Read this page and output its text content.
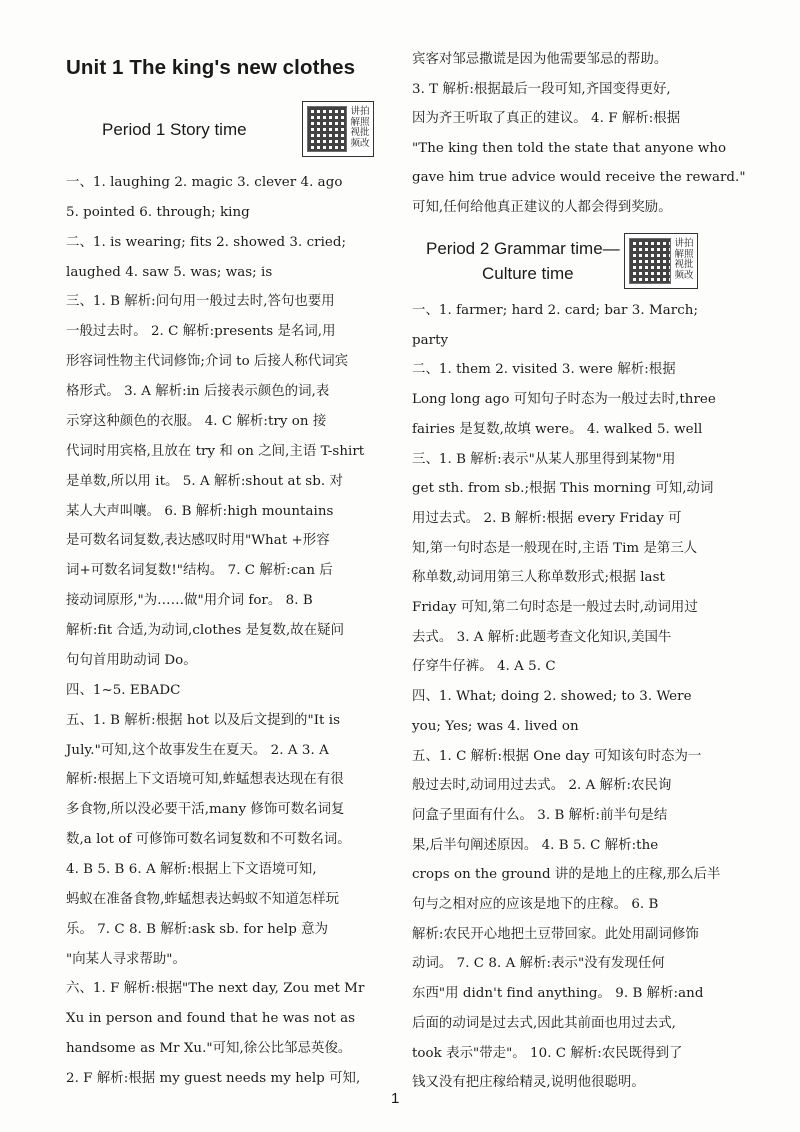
Unit 1 The king's new clothes
Period 1 Story time
讲拍
解照
视批
频改
一、1. laughing 2. magic 3. clever 4. ago
5. pointed 6. through; king
二、1. is wearing; fits 2. showed 3. cried;
laughed 4. saw 5. was; was; is
三、1. B 解析:问句用一般过去时,答句也要用
一般过去时。 2. C 解析:presents 是名词,用
形容词性物主代词修饰;介词 to 后接人称代词宾
格形式。 3. A 解析:in 后接表示颜色的词,表
示穿这种颜色的衣服。 4. C 解析:try on 接
代词时用宾格,且放在 try 和 on 之间,主语 T-shirt
是单数,所以用 it。 5. A 解析:shout at sb. 对
某人大声叫嚷。 6. B 解析:high mountains
是可数名词复数,表达感叹时用"What +形容
词+可数名词复数!"结构。 7. C 解析:can 后
接动词原形,"为……做"用介词 for。 8. B
解析:fit 合适,为动词,clothes 是复数,故在疑问
句句首用助动词 Do。
四、1~5. EBADC
五、1. B 解析:根据 hot 以及后文提到的"It is
July."可知,这个故事发生在夏天。 2. A 3. A
解析:根据上下文语境可知,蚱蜢想表达现在有很
多食物,所以没必要干活,many 修饰可数名词复
数,a lot of 可修饰可数名词复数和不可数名词。
4. B 5. B 6. A 解析:根据上下文语境可知,
蚂蚁在准备食物,蚱蜢想表达蚂蚁不知道怎样玩
乐。 7. C 8. B 解析:ask sb. for help 意为
"向某人寻求帮助"。
六、1. F 解析:根据"The next day, Zou met Mr
Xu in person and found that he was not as
handsome as Mr Xu."可知,徐公比邹忌英俊。
2. F 解析:根据 my guest needs my help 可知,
宾客对邹忌撒谎是因为他需要邹忌的帮助。
3. T 解析:根据最后一段可知,齐国变得更好,
因为齐王听取了真正的建议。 4. F 解析:根据
"The king then told the state that anyone who
gave him true advice would receive the reward."
可知,任何给他真正建议的人都会得到奖励。
一、1. farmer; hard 2. card; bar 3. March;
party
二、1. them 2. visited 3. were 解析:根据
Long long ago 可知句子时态为一般过去时,three
fairies 是复数,故填 were。 4. walked 5. well
三、1. B 解析:表示"从某人那里得到某物"用
get sth. from sb.;根据 This morning 可知,动词
用过去式。 2. B 解析:根据 every Friday 可
知,第一句时态是一般现在时,主语 Tim 是第三人
称单数,动词用第三人称单数形式;根据 last
Friday 可知,第二句时态是一般过去时,动词用过
去式。 3. A 解析:此题考查文化知识,美国牛
仔穿牛仔裤。 4. A 5. C
四、1. What; doing 2. showed; to 3. Were
you; Yes; was 4. lived on
五、1. C 解析:根据 One day 可知该句时态为一
般过去时,动词用过去式。 2. A 解析:农民询
问盒子里面有什么。 3. B 解析:前半句是结
果,后半句阐述原因。 4. B 5. C 解析:the
crops on the ground 讲的是地上的庄稼,那么后半
句与之相对应的应该是地下的庄稼。 6. B
解析:农民开心地把土豆带回家。此处用副词修饰
动词。 7. C 8. A 解析:表示"没有发现任何
东西"用 didn't find anything。 9. B 解析:and
后面的动词是过去式,因此其前面也用过去式,
took 表示"带走"。 10. C 解析:农民既得到了
钱又没有把庄稼给精灵,说明他很聪明。
Period 2 Grammar time—
Culture time
讲拍
解照
视批
频改
1
